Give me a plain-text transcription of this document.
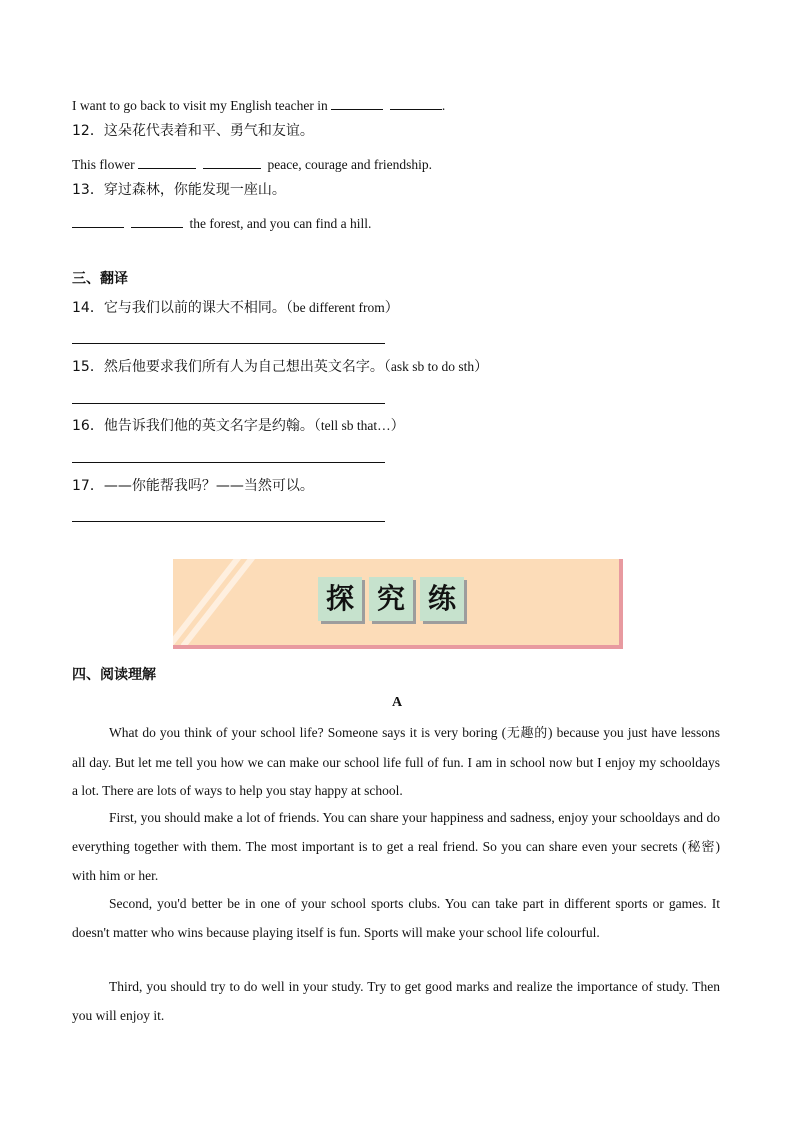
I want to go back to visit my English teacher in	.
12．这朵花代表着和平、勇气和友谊。
This flower	peace, courage and friendship.
13．穿过森林，你能发现一座山。
the forest, and you can find a hill.
三、翻译
14．它与我们以前的课大不相同。（be different from）
15．然后他要求我们所有人为自己想出英文名字。（ask sb to do sth）
16．他告诉我们他的英文名字是约翰。（tell sb that…）
17．——你能帮我吗？——当然可以。
探 究 练
四、阅读理解
A
What do you think of your school life? Someone says it is very boring (无趣的) because you just have lessons all day. But let me tell you how we can make our school life full of fun. I am in school now but I enjoy my schooldays a lot. There are lots of ways to help you stay happy at school.
First, you should make a lot of friends. You can share your happiness and sadness, enjoy your schooldays and do everything together with them. The most important is to get a real friend. So you can share even your secrets (秘密) with him or her.
Second, you'd better be in one of your school sports clubs. You can take part in different sports or games. It doesn't matter who wins because playing itself is fun. Sports will make your school life colourful.
Third, you should try to do well in your study. Try to get good marks and realize the importance of study. Then you will enjoy it.
